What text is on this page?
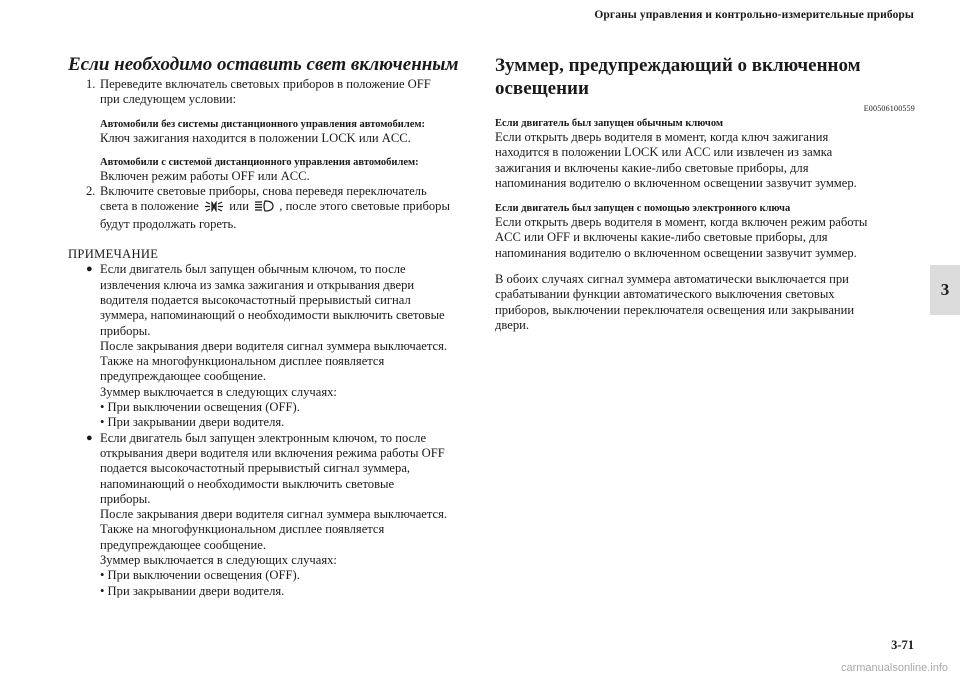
Органы управления и контрольно-измерительные приборы
Если необходимо оставить свет включенным
1. Переведите включатель световых приборов в положение OFF
при следующем условии:
Автомобили без системы дистанционного управления автомобилем:
Ключ зажигания находится в положении LOCK или ACC.
Автомобили с системой дистанционного управления автомобилем:
Включен режим работы OFF или ACC.
2. Включите световые приборы, снова переведя переключатель
света в положение или , после этого световые приборы
будут продолжать гореть.
ПРИМЕЧАНИЕ
● Если двигатель был запущен обычным ключом, то после
извлечения ключа из замка зажигания и открывания двери
водителя подается высокочастотный прерывистый сигнал
зуммера, напоминающий о необходимости выключить световые
приборы.
После закрывания двери водителя сигнал зуммера выключается.
Также на многофункциональном дисплее появляется
предупреждающее сообщение.
Зуммер выключается в следующих случаях:
• При выключении освещения (OFF).
• При закрывании двери водителя.
● Если двигатель был запущен электронным ключом, то после
открывания двери водителя или включения режима работы OFF
подается высокочастотный прерывистый сигнал зуммера,
напоминающий о необходимости выключить световые
приборы.
После закрывания двери водителя сигнал зуммера выключается.
Также на многофункциональном дисплее появляется
предупреждающее сообщение.
Зуммер выключается в следующих случаях:
• При выключении освещения (OFF).
• При закрывании двери водителя.
Зуммер, предупреждающий о включенном
освещении
E00506100559
Если двигатель был запущен обычным ключом
Если открыть дверь водителя в момент, когда ключ зажигания
находится в положении LOCK или ACC или извлечен из замка
зажигания и включены какие-либо световые приборы, для
напоминания водителю о включенном освещении зазвучит зуммер.
Если двигатель был запущен с помощью электронного ключа
Если открыть дверь водителя в момент, когда включен режим работы
ACC или OFF и включены какие-либо световые приборы, для
напоминания водителю о включенном освещении зазвучит зуммер.
В обоих случаях сигнал зуммера автоматически выключается при
срабатывании функции автоматического выключения световых
приборов, выключении переключателя освещения или закрывании
двери.
3
3-71
carmanualsonline.info
